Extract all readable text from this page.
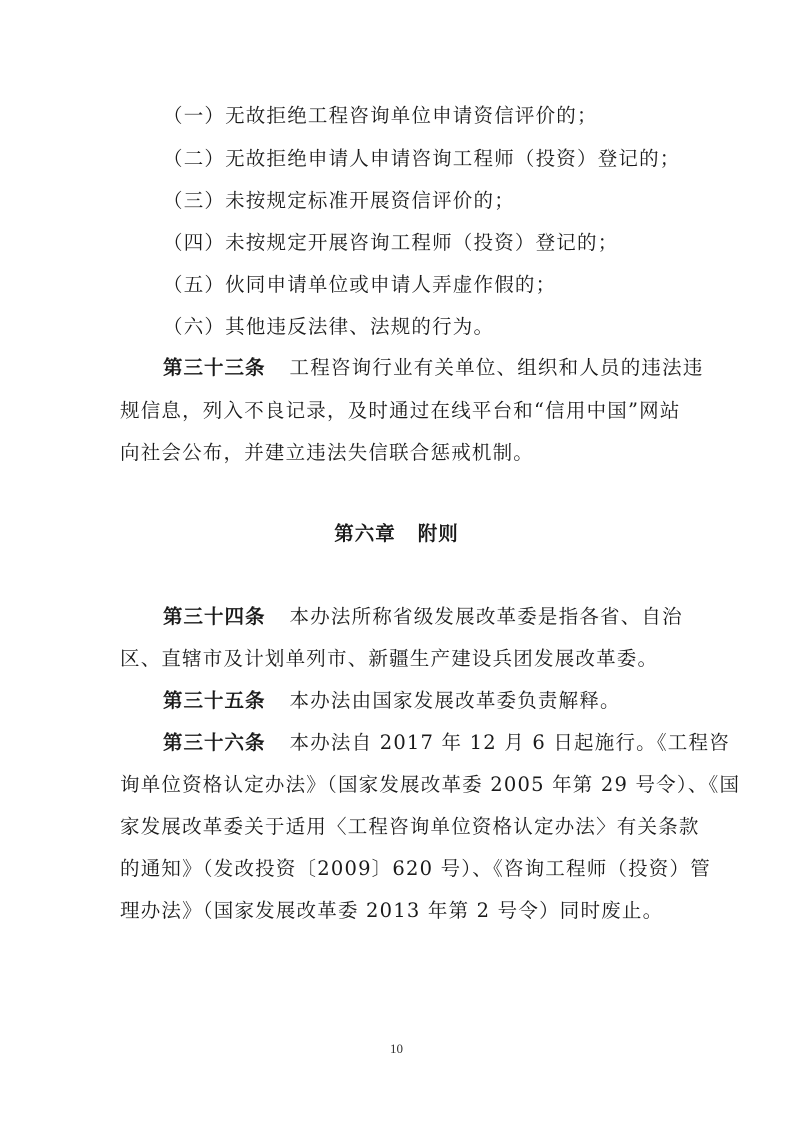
（一）无故拒绝工程咨询单位申请资信评价的；
（二）无故拒绝申请人申请咨询工程师（投资）登记的；
（三）未按规定标准开展资信评价的；
（四）未按规定开展咨询工程师（投资）登记的；
（五）伙同申请单位或申请人弄虚作假的；
（六）其他违反法律、法规的行为。
第三十三条 工程咨询行业有关单位、组织和人员的违法违
规信息，列入不良记录，及时通过在线平台和“信用中国”网站
向社会公布，并建立违法失信联合惩戒机制。
第六章 附则
第三十四条 本办法所称省级发展改革委是指各省、自治
区、直辖市及计划单列市、新疆生产建设兵团发展改革委。
第三十五条 本办法由国家发展改革委负责解释。
第三十六条 本办法自 2017 年 12 月 6 日起施行。《工程咨
询单位资格认定办法》（国家发展改革委 2005 年第 29 号令）、《国
家发展改革委关于适用〈工程咨询单位资格认定办法〉有关条款
的通知》（发改投资〔2009〕620 号）、《咨询工程师（投资）管
理办法》（国家发展改革委 2013 年第 2 号令）同时废止。
10
